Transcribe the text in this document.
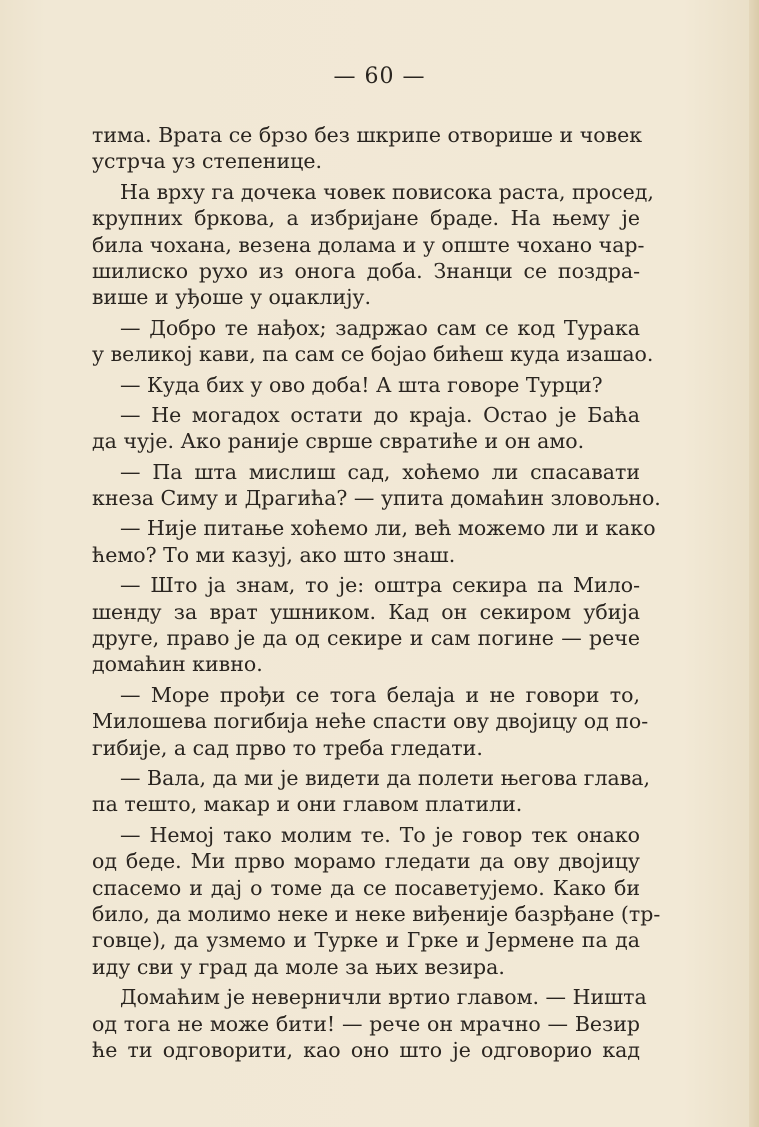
— 60 —
тима. Врата се брзо без шкрипе отворише и човек
устрча уз степенице.
На врху га дочека човек повисока раста, просед,
крупних бркова, а избријане браде. На њему је
била чохана, везена долама и у опште чохано чар-
шилиско рухо из онога доба. Знанци се поздра-
више и уђоше у оџаклију.
— Добро те нађох; задржао сам се код Турака
у великој кави, па сам се бојао бићеш куда изашао.
— Куда бих у ово доба! А шта говоре Турци?
— Не могадох остати до краја. Остао је Баћа
да чује. Ако раније сврше свратиће и он амо.
— Па шта мислиш сад, хоћемо ли спасавати
кнеза Симу и Драгића? — упита домаћин зловољно.
— Није питање хоћемо ли, већ можемо ли и како
ћемо? То ми казуј, ако што знаш.
— Што ја знам, то је: оштра секира па Мило-
шенду за врат ушником. Кад он секиром убија
друге, право је да од секире и сам погине — рече
домаћин кивно.
— Море прођи се тога белаја и не говори то,
Милошева погибија неће спасти ову двојицу од по-
гибије, а сад прво то треба гледати.
— Вала, да ми је видети да полети његова глава,
па тешто, макар и они главом платили.
— Немој тако молим те. То је говор тек онако
од беде. Ми прво морамо гледати да ову двојицу
спасемо и дај о томе да се посаветујемо. Како би
било, да молимо неке и неке виђеније базрђане (тр-
говце), да узмемо и Турке и Грке и Јермене па да
иду сви у град да моле за њих везира.
Домаћим је неверничли вртио главом. — Ништа
од тога не може бити! — рече он мрачно — Везир
ће ти одговорити, као оно што је одговорио кад
